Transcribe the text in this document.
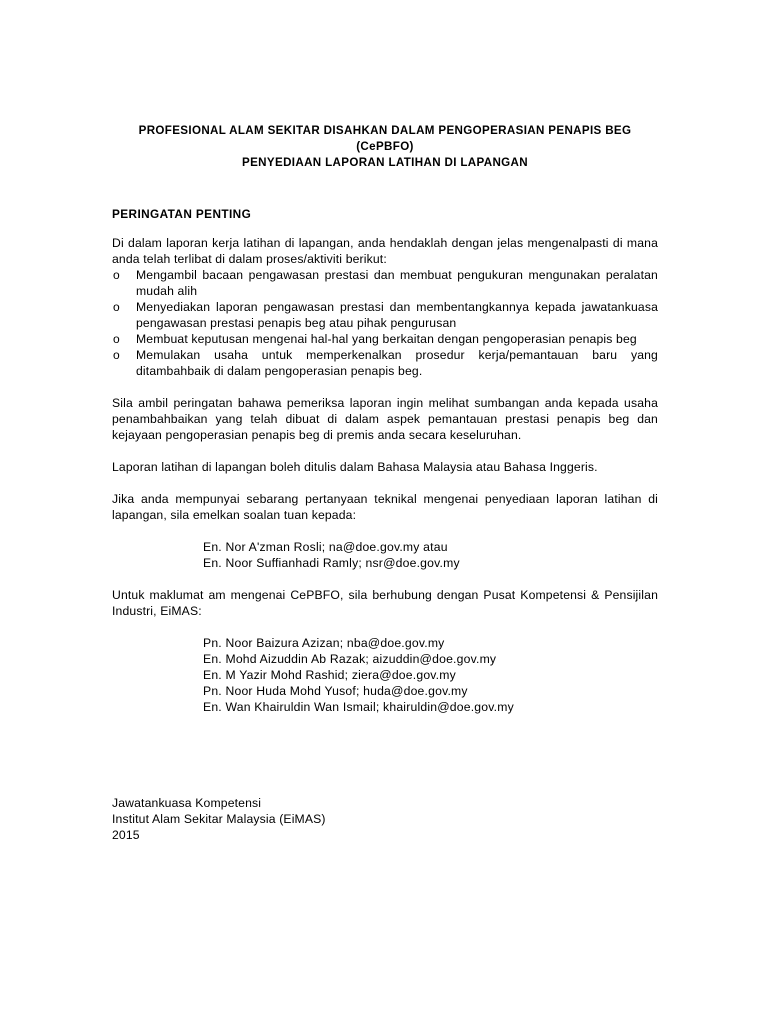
PROFESIONAL ALAM SEKITAR DISAHKAN DALAM PENGOPERASIAN PENAPIS BEG (CePBFO)
PENYEDIAAN LAPORAN LATIHAN DI LAPANGAN
PERINGATAN PENTING

Di dalam laporan kerja latihan di lapangan, anda hendaklah dengan jelas mengenalpasti di mana anda telah terlibat di dalam proses/aktiviti berikut:

o Mengambil bacaan pengawasan prestasi dan membuat pengukuran mengunakan peralatan mudah alih
o Menyediakan laporan pengawasan prestasi dan membentangkannya kepada jawatankuasa pengawasan prestasi penapis beg atau pihak pengurusan
o Membuat keputusan mengenai hal-hal yang berkaitan dengan pengoperasian penapis beg
o Memulakan usaha untuk memperkenalkan prosedur kerja/pemantauan baru yang ditambahbaik di dalam pengoperasian penapis beg.

Sila ambil peringatan bahawa pemeriksa laporan ingin melihat sumbangan anda kepada usaha penambahbaikan yang telah dibuat di dalam aspek pemantauan prestasi penapis beg dan kejayaan pengoperasian penapis beg di premis anda secara keseluruhan.

Laporan latihan di lapangan boleh ditulis dalam Bahasa Malaysia atau Bahasa Inggeris.

Jika anda mempunyai sebarang pertanyaan teknikal mengenai penyediaan laporan latihan di lapangan, sila emelkan soalan tuan kepada:

En. Nor A'zman Rosli; na@doe.gov.my atau
En. Noor Suffianhadi Ramly; nsr@doe.gov.my

Untuk maklumat am mengenai CePBFO, sila berhubung dengan Pusat Kompetensi & Pensijilan Industri, EiMAS:

Pn. Noor Baizura Azizan; nba@doe.gov.my
En. Mohd Aizuddin Ab Razak; aizuddin@doe.gov.my
En. M Yazir Mohd Rashid; ziera@doe.gov.my
Pn. Noor Huda Mohd Yusof; huda@doe.gov.my
En. Wan Khairuldin Wan Ismail; khairuldin@doe.gov.my
Jawatankuasa Kompetensi
Institut Alam Sekitar Malaysia (EiMAS)
2015
